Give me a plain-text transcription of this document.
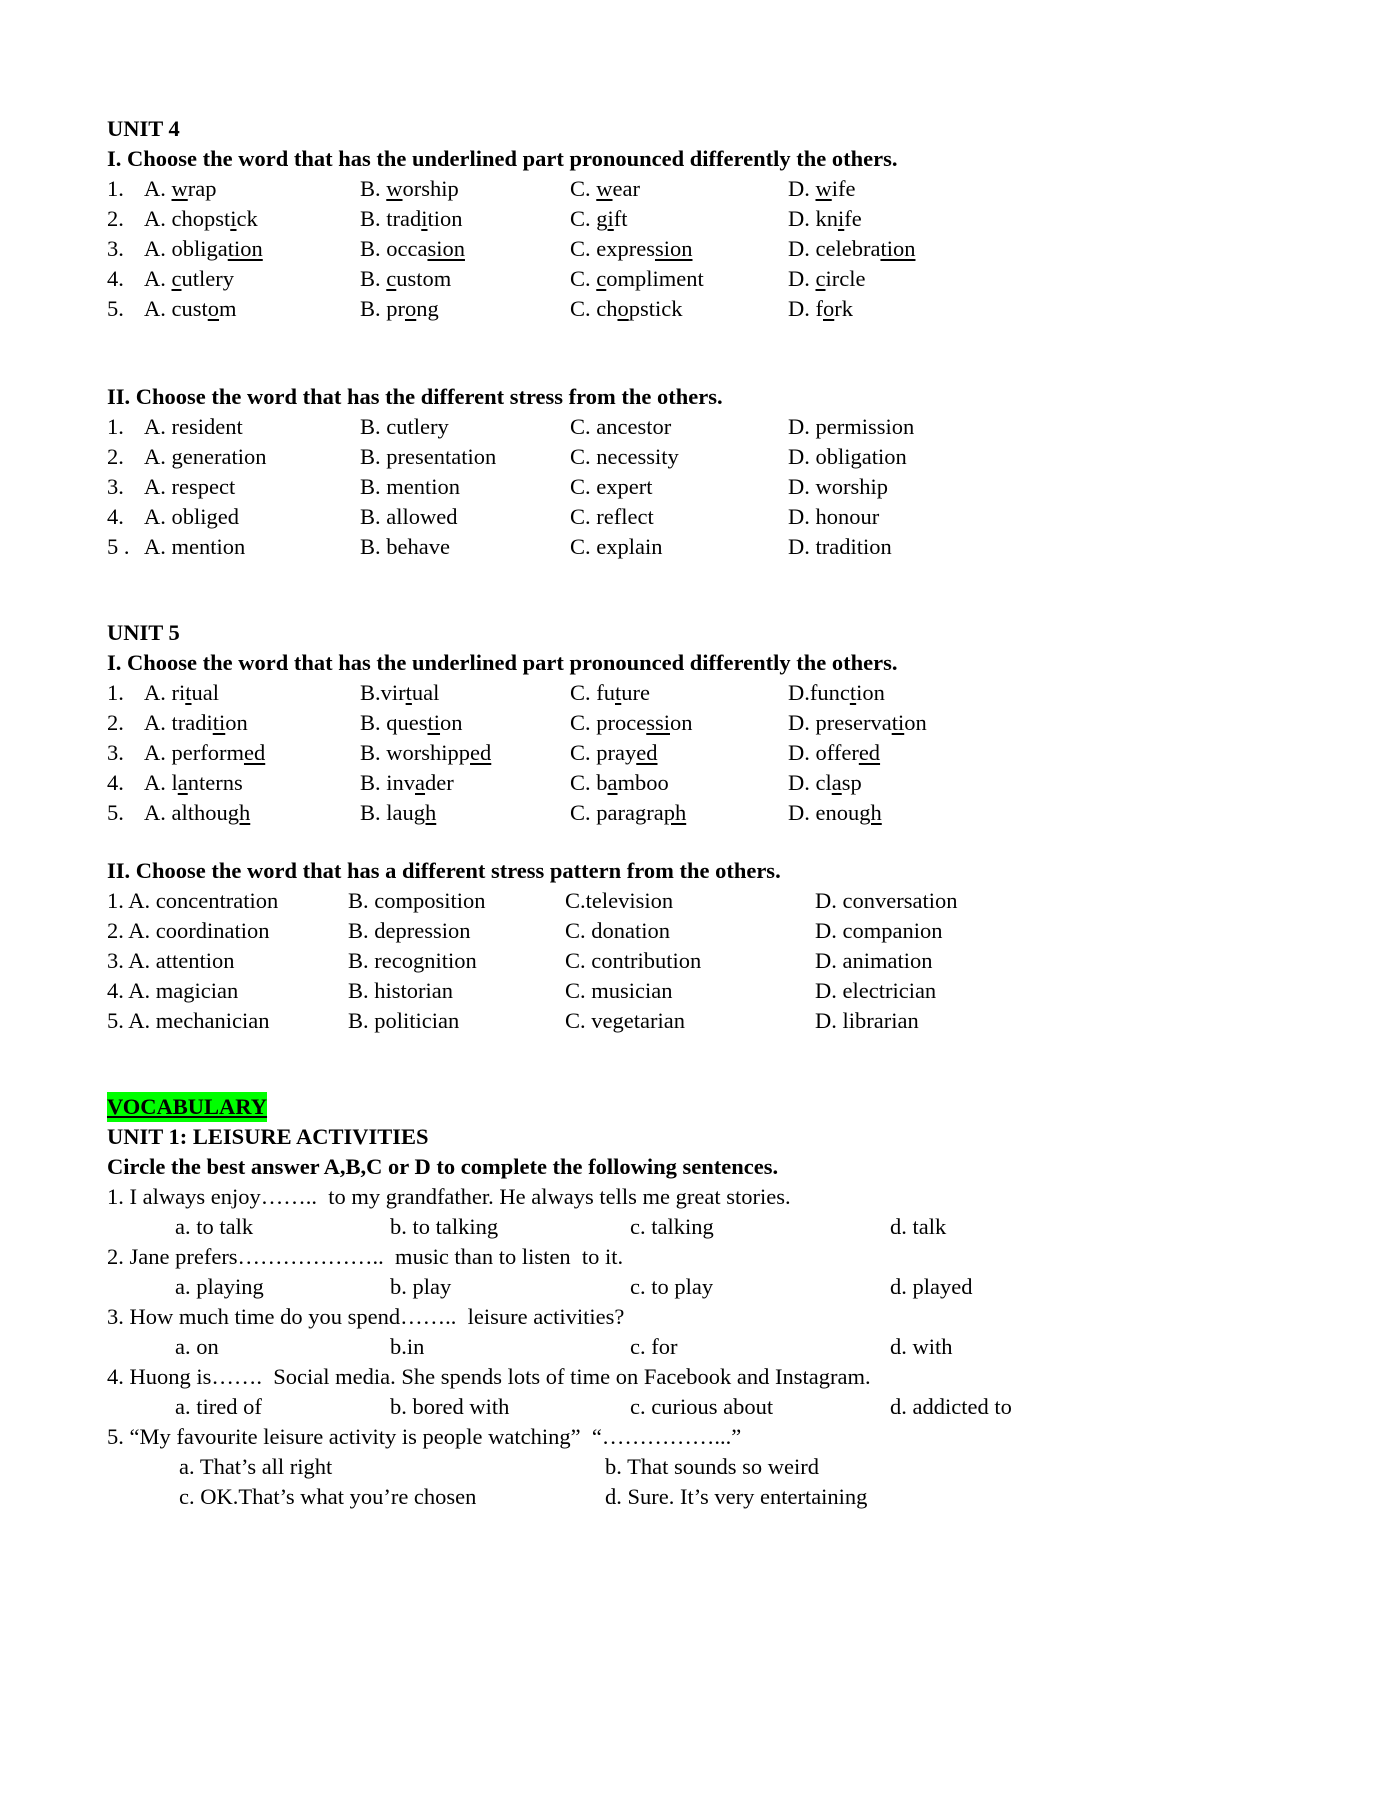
UNIT 4
I. Choose the word that has the underlined part pronounced differently the others.
1. A. wrap	B. worship	C. wear	D. wife
2. A. chopstick	B. tradition	C. gift	D. knife
3. A. obligation	B. occasion	C. expression	D. celebration
4. A. cutlery	B. custom	C. compliment	D. circle
5. A. custom	B. prong	C. chopstick	D. fork
II. Choose the word that has the different stress from the others.
1. A. resident	B. cutlery	C. ancestor	D. permission
2. A. generation	B. presentation	C. necessity	D. obligation
3. A. respect	B. mention	C. expert	D. worship
4. A. obliged	B. allowed	C. reflect	D. honour
5 . A. mention	B. behave	C. explain	D. tradition
UNIT 5
I. Choose the word that has the underlined part pronounced differently the others.
1. A. ritual	B.virtual	C. future	D.function
2. A. tradition	B. question	C. procession	D. preservation
3. A. performed	B. worshipped	C. prayed	D. offered
4. A. lanterns	B. invader	C. bamboo	D. clasp
5. A. although	B. laugh	C. paragraph	D. enough
II. Choose the word that has a different stress pattern from the others.
1. A. concentration	B. composition	C.television	D. conversation
2. A. coordination	B. depression	C. donation	D. companion
3. A. attention	B. recognition	C. contribution	D. animation
4. A. magician	B. historian	C. musician	D. electrician
5. A. mechanician	B. politician	C. vegetarian	D. librarian
VOCABULARY
UNIT 1: LEISURE ACTIVITIES
Circle the best answer A,B,C or D to complete the following sentences.
1. I always enjoy……..  to my grandfather. He always tells me great stories.
a. to talk	b. to talking	c. talking	d. talk
2. Jane prefers………………..  music than to listen  to it.
a. playing	b. play	c. to play	d. played
3. How much time do you spend……..  leisure activities?
a. on	b.in	c. for	d. with
4. Huong is…….  Social media. She spends lots of time on Facebook and Instagram.
a. tired of	b. bored with	c. curious about	d. addicted to
5. “My favourite leisure activity is people watching”  “……………...”
a. That’s all right	b. That sounds so weird
c. OK.That’s what you’re chosen	d. Sure. It’s very entertaining
